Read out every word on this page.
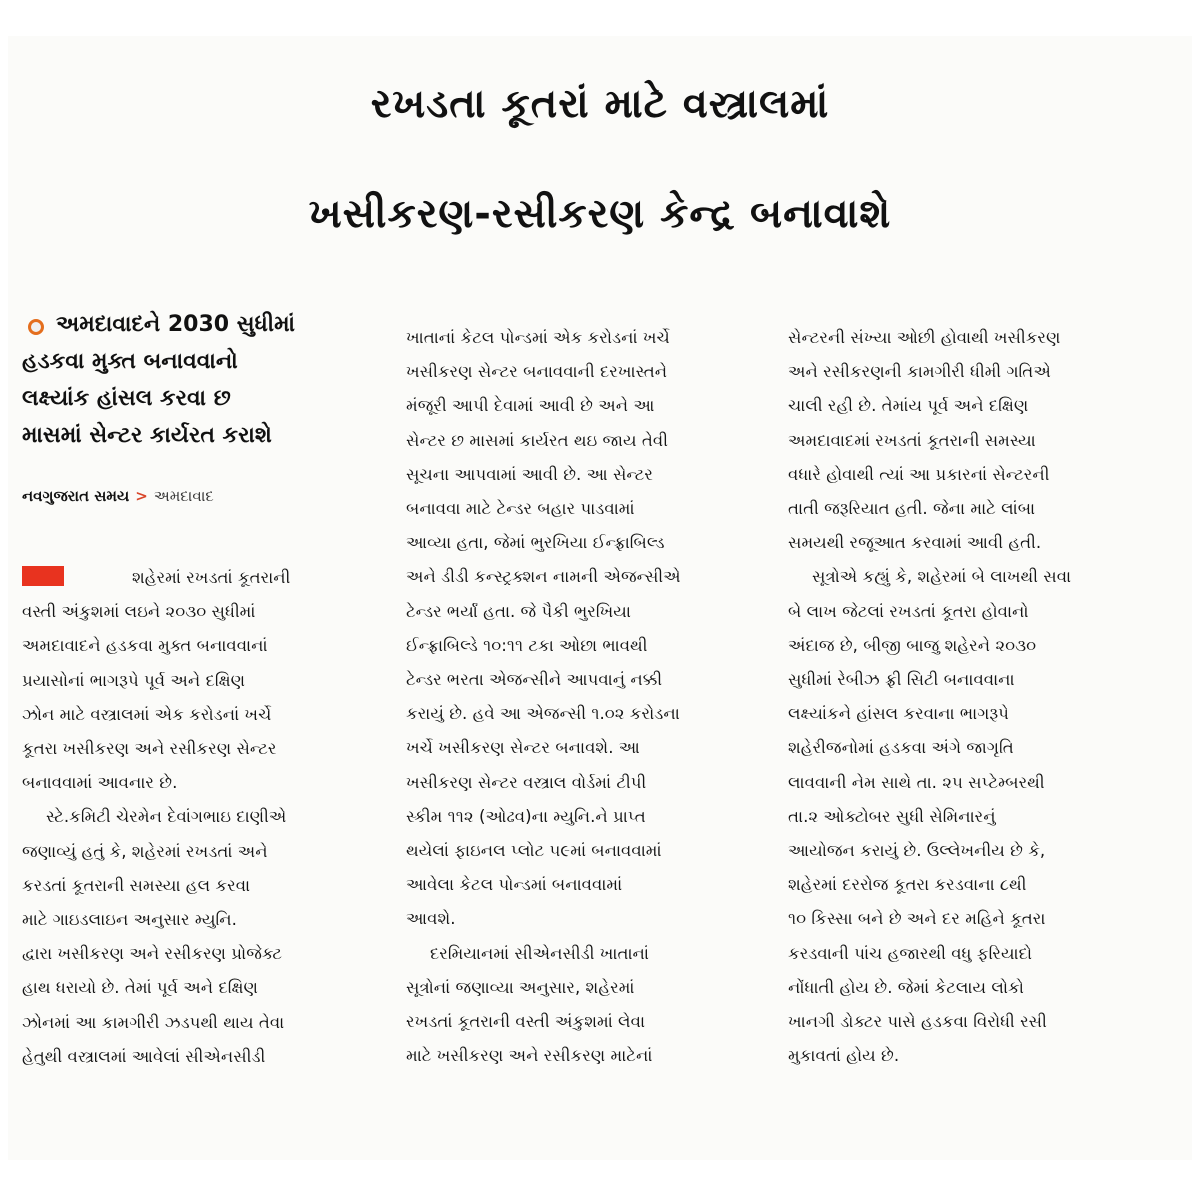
રખડતા કૂતરાં માટે વસ્ત્રાલમાં
ખસીકરણ-રસીકરણ કેન્દ્ર બનાવાશે
અમદાવાદને 2030 સુધીમાં
હડકવા મુક્ત બનાવવાનો
લક્ષ્યાંક હાંસલ કરવા છ
માસમાં સેન્ટર કાર્યરત કરાશે
નવગુજરાત સમય > અમદાવાદ
શહેરમાં રખડતાં કૂતરાની
વસ્તી અંકુશમાં લઇને ૨૦૩૦ સુધીમાં
અમદાવાદને હડકવા મુક્ત બનાવવાનાં
પ્રયાસોનાં ભાગરૂપે પૂર્વ અને દક્ષિણ
ઝોન માટે વસ્ત્રાલમાં એક કરોડનાં ખર્ચે
કૂતરા ખસીકરણ અને રસીકરણ સેન્ટર
બનાવવામાં આવનાર છે.
સ્ટે.કમિટી ચેરમેન દેવાંગભાઇ દાણીએ
જણાવ્યું હતું કે, શહેરમાં રખડતાં અને
કરડતાં કૂતરાની સમસ્યા હલ કરવા
માટે ગાઇડલાઇન અનુસાર મ્યુનિ.
દ્વારા ખસીકરણ અને રસીકરણ પ્રોજેક્ટ
હાથ ધરાયો છે. તેમાં પૂર્વ અને દક્ષિણ
ઝોનમાં આ કામગીરી ઝડપથી થાય તેવા
હેતુથી વસ્ત્રાલમાં આવેલાં સીએનસીડી
ખાતાનાં કેટલ પોન્ડમાં એક કરોડનાં ખર્ચે
ખસીકરણ સેન્ટર બનાવવાની દરખાસ્તને
મંજૂરી આપી દેવામાં આવી છે અને આ
સેન્ટર છ માસમાં કાર્યરત થઇ જાય તેવી
સૂચના આપવામાં આવી છે. આ સેન્ટર
બનાવવા માટે ટેન્ડર બહાર પાડવામાં
આવ્યા હતા, જેમાં ભુરખિયા ઈન્ફ્રાબિલ્ડ
અને ડીડી કન્સ્ટ્રક્શન નામની એજન્સીએ
ટેન્ડર ભર્યાં હતા. જે પૈકી ભુરખિયા
ઈન્ફ્રાબિલ્ડે ૧૦:૧૧ ટકા ઓછા ભાવથી
ટેન્ડર ભરતા એજન્સીને આપવાનું નક્કી
કરાયું છે. હવે આ એજન્સી ૧.૦૨ કરોડના
ખર્ચે ખસીકરણ સેન્ટર બનાવશે. આ
ખસીકરણ સેન્ટર વસ્ત્રાલ વોર્ડમાં ટીપી
સ્કીમ ૧૧૨ (ઓઢવ)ના મ્યુનિ.ને પ્રાપ્ત
થયેલાં ફાઇનલ પ્લોટ ૫૯માં બનાવવામાં
આવેલા કેટલ પોન્ડમાં બનાવવામાં
આવશે.
દરમિયાનમાં સીએનસીડી ખાતાનાં
સૂત્રોનાં જણાવ્યા અનુસાર, શહેરમાં
રખડતાં કૂતરાની વસ્તી અંકુશમાં લેવા
માટે ખસીકરણ અને રસીકરણ માટેનાં
સેન્ટરની સંખ્યા ઓછી હોવાથી ખસીકરણ
અને રસીકરણની કામગીરી ધીમી ગતિએ
ચાલી રહી છે. તેમાંય પૂર્વ અને દક્ષિણ
અમદાવાદમાં રખડતાં કૂતરાની સમસ્યા
વધારે હોવાથી ત્યાં આ પ્રકારનાં સેન્ટરની
તાતી જરૂરિયાત હતી. જેના માટે લાંબા
સમયથી રજૂઆત કરવામાં આવી હતી.
સૂત્રોએ કહ્યું કે, શહેરમાં બે લાખથી સવા
બે લાખ જેટલાં રખડતાં કૂતરા હોવાનો
અંદાજ છે, બીજી બાજુ શહેરને ૨૦૩૦
સુધીમાં રેબીઝ ફ્રી સિટી બનાવવાના
લક્ષ્યાંકને હાંસલ કરવાના ભાગરૂપે
શહેરીજનોમાં હડકવા અંગે જાગૃતિ
લાવવાની નેમ સાથે તા. ૨૫ સપ્ટેમ્બરથી
તા.૨ ઓક્ટોબર સુધી સેમિનારનું
આયોજન કરાયું છે. ઉલ્લેખનીય છે કે,
શહેરમાં દરરોજ કૂતરા કરડવાના ૮થી
૧૦ કિસ્સા બને છે અને દર મહિને કૂતરા
કરડવાની પાંચ હજારથી વધુ ફરિયાદો
નોંધાતી હોય છે. જેમાં કેટલાય લોકો
ખાનગી ડોક્ટર પાસે હડકવા વિરોધી રસી
મુકાવતાં હોય છે.
